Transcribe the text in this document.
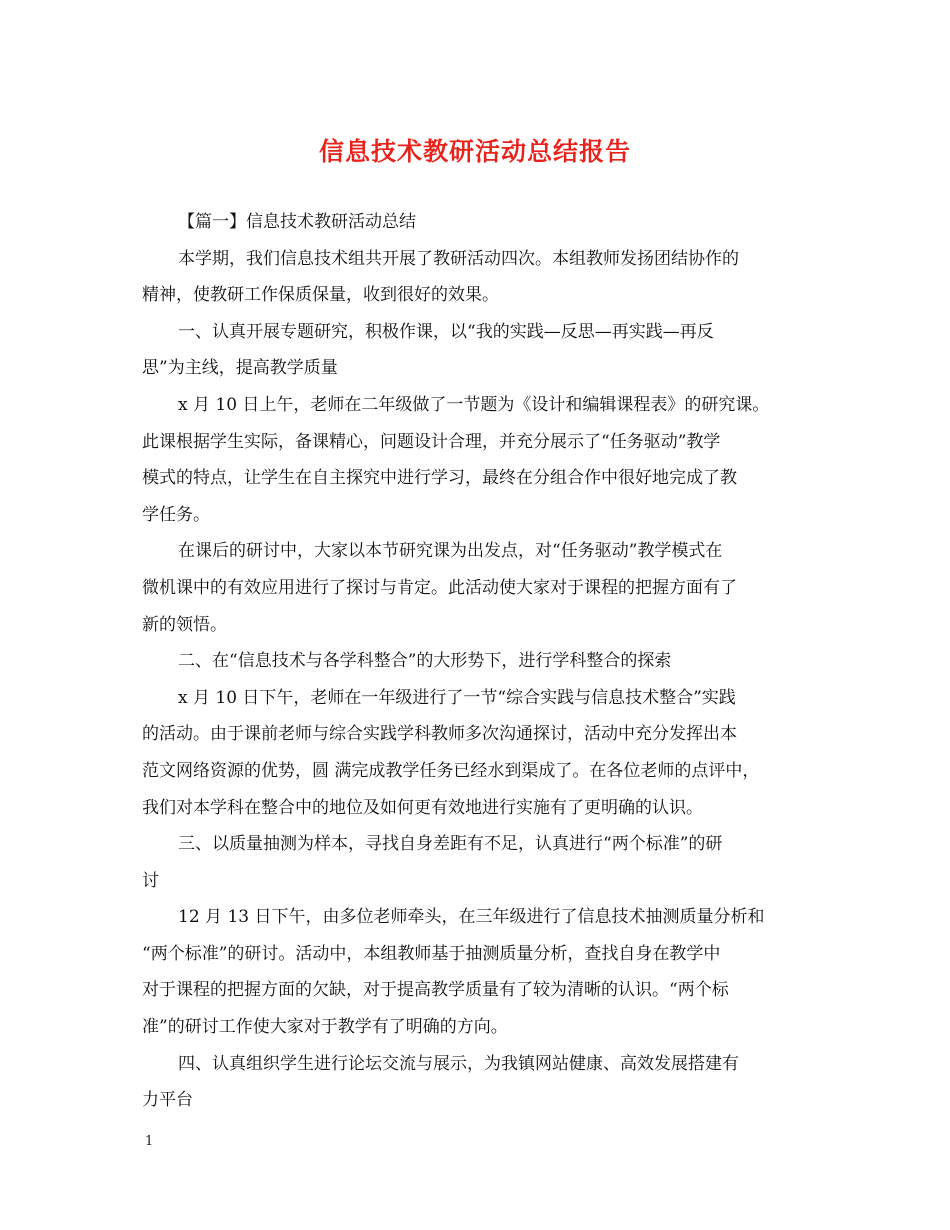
信息技术教研活动总结报告
【篇一】信息技术教研活动总结
本学期，我们信息技术组共开展了教研活动四次。本组教师发扬团结协作的
精神，使教研工作保质保量，收到很好的效果。
一、认真开展专题研究，积极作课，以“我的实践—反思—再实践—再反
思”为主线，提高教学质量
x 月 10 日上午，老师在二年级做了一节题为《设计和编辑课程表》的研究课。
此课根据学生实际，备课精心，问题设计合理，并充分展示了“任务驱动”教学
模式的特点，让学生在自主探究中进行学习，最终在分组合作中很好地完成了教
学任务。
在课后的研讨中，大家以本节研究课为出发点，对“任务驱动”教学模式在
微机课中的有效应用进行了探讨与肯定。此活动使大家对于课程的把握方面有了
新的领悟。
二、在“信息技术与各学科整合”的大形势下，进行学科整合的探索
x 月 10 日下午，老师在一年级进行了一节“综合实践与信息技术整合”实践
的活动。由于课前老师与综合实践学科教师多次沟通探讨，活动中充分发挥出本
范文网络资源的优势，圆 满完成教学任务已经水到渠成了。在各位老师的点评中，
我们对本学科在整合中的地位及如何更有效地进行实施有了更明确的认识。
三、以质量抽测为样本，寻找自身差距有不足，认真进行“两个标准”的研
讨
12 月 13 日下午，由多位老师牵头，在三年级进行了信息技术抽测质量分析和
“两个标准”的研讨。活动中，本组教师基于抽测质量分析，查找自身在教学中
对于课程的把握方面的欠缺，对于提高教学质量有了较为清晰的认识。“两个标
准”的研讨工作使大家对于教学有了明确的方向。
四、认真组织学生进行论坛交流与展示，为我镇网站健康、高效发展搭建有
力平台
1
